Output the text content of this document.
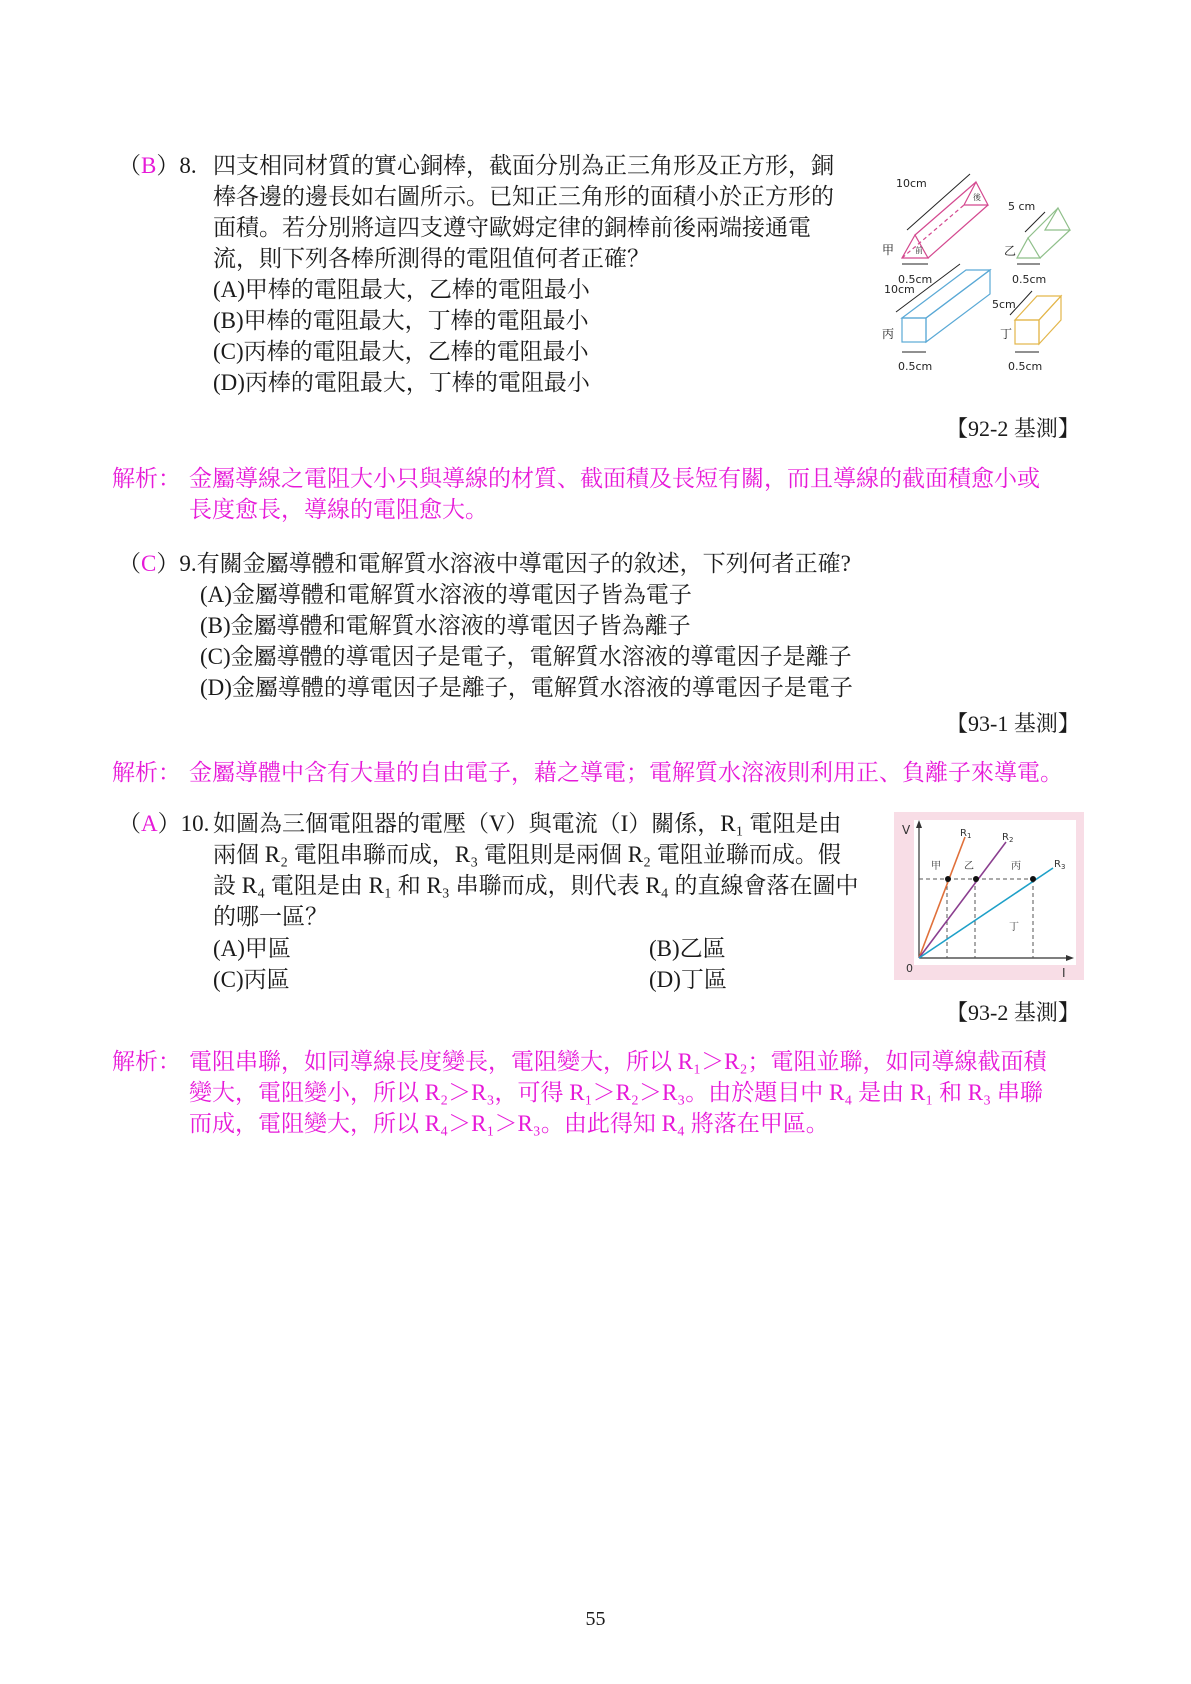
（B）8. 四支相同材質的實心銅棒，截面分別為正三角形及正方形，銅
棒各邊的邊長如右圖所示。已知正三角形的面積小於正方形的
面積。若分別將這四支遵守歐姆定律的銅棒前後兩端接通電
流，則下列各棒所測得的電阻值何者正確？
(A)甲棒的電阻最大，乙棒的電阻最小
(B)甲棒的電阻最大，丁棒的電阻最小
(C)丙棒的電阻最大，乙棒的電阻最小
(D)丙棒的電阻最大，丁棒的電阻最小
前
後
10cm
甲
0.5cm
5 cm
乙
0.5cm
10cm
丙
0.5cm
5cm
丁
0.5cm
【92-2 基測】
解析： 金屬導線之電阻大小只與導線的材質、截面積及長短有關，而且導線的截面積愈小或
長度愈長，導線的電阻愈大。
（C）9.有關金屬導體和電解質水溶液中導電因子的敘述，下列何者正確?
(A)金屬導體和電解質水溶液的導電因子皆為電子
(B)金屬導體和電解質水溶液的導電因子皆為離子
(C)金屬導體的導電因子是電子，電解質水溶液的導電因子是離子
(D)金屬導體的導電因子是離子，電解質水溶液的導電因子是電子
【93-1 基測】
解析： 金屬導體中含有大量的自由電子，藉之導電；電解質水溶液則利用正、負離子來導電。
（A）10. 如圖為三個電阻器的電壓（V）與電流（I）關係，R₁ 電阻是由
兩個 R₂ 電阻串聯而成，R₃ 電阻則是兩個 R₂ 電阻並聯而成。假
設 R₄ 電阻是由 R₁ 和 R₃ 串聯而成，則代表 R₄ 的直線會落在圖中
的哪一區？
(A)甲區	(B)乙區
(C)丙區	(D)丁區
V
I
0
$R_1$	$R_2$
$R_3$
甲 乙	丙
丁
【93-2 基測】
解析： 電阻串聯，如同導線長度變長，電阻變大，所以 R₁＞R₂；電阻並聯，如同導線截面積
變大，電阻變小，所以 R₂＞R₃，可得 R₁＞R₂＞R₃。由於題目中 R₄ 是由 R₁ 和 R₃ 串聯
而成，電阻變大，所以 R₄＞R₁＞R₃。由此得知 R₄ 將落在甲區。
55
